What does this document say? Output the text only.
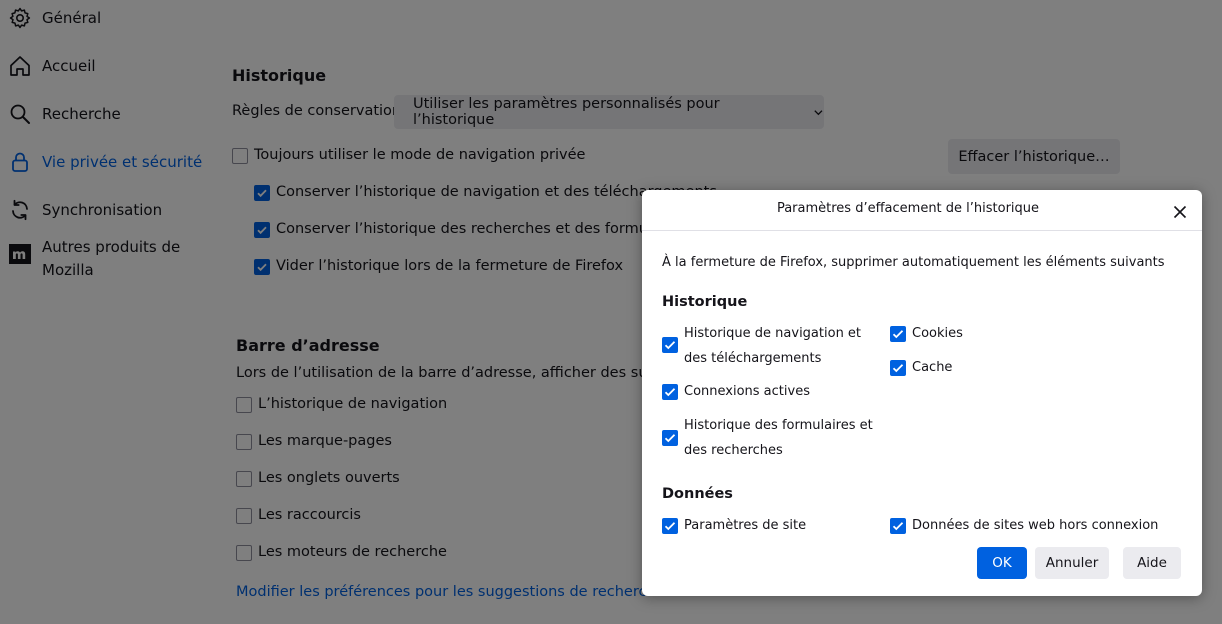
Paramètres d’effacement de l’historique
À la fermeture de Firefox, supprimer automatiquement les éléments suivants
Historique
Historique de navigation et des téléchargements
Connexions actives
Historique des formulaires et des recherches
Cookies
Cache
Données
Paramètres de site	Données de sites web hors connexion
OK	Annuler	Aide
